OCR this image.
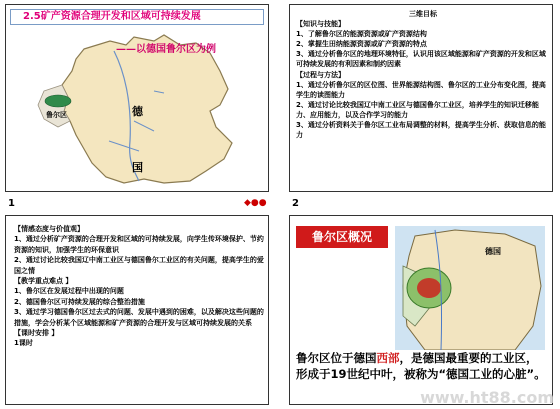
2.5矿产资源合理开发和区域可持续发展
鲁尔区	德
国
——以德国鲁尔区为例
三维目标
【知识与技能】
1、了解鲁尔区的能源资源或矿产资源结构
2、掌握生田纳能源资源或矿产资源的特点
3、通过分析鲁尔区的地理环境特征，认识用该区域能源和矿产资源的开发和区域可持续发展的有利因素和制约因素
【过程与方法】
1、通过分析鲁尔区的区位图、世界能源结构图、鲁尔区的工业分布变化图，提高学生的读图能力
2、通过讨论比较我国辽中南工业区与德国鲁尔工业区，培养学生的知识迁移能力、应用能力，以及合作学习的能力
3、通过分析资料关于鲁尔区工业布局调整的材料，提高学生分析、获取信息的能力
1	◆●●	2
【情感态度与价值观】
1、通过分析矿产资源的合理开发和区域的可持续发展，向学生传环境保护、节约资源的知识，加强学生的环保意识
2、通过讨论比较我国辽中南工业区与德国鲁尔工业区的有关问题，提高学生的爱国之情
【教学重点难点 】
1、鲁尔区在发展过程中出现的问题
2、德国鲁尔区可持续发展的综合整治措施
3、通过学习德国鲁尔区过去式的问题、发展中遇到的困难，以及解决这些问题的措施，学会分析某个区域能源和矿产资源的合理开发与区域可持续发展的关系
【课时安排 】
1课时
鲁尔区概况
德国
鲁尔区位于德国西部，是德国最重要的工业区，形成于19世纪中叶，被称为“德国工业的心脏”。
www.ht88.com
